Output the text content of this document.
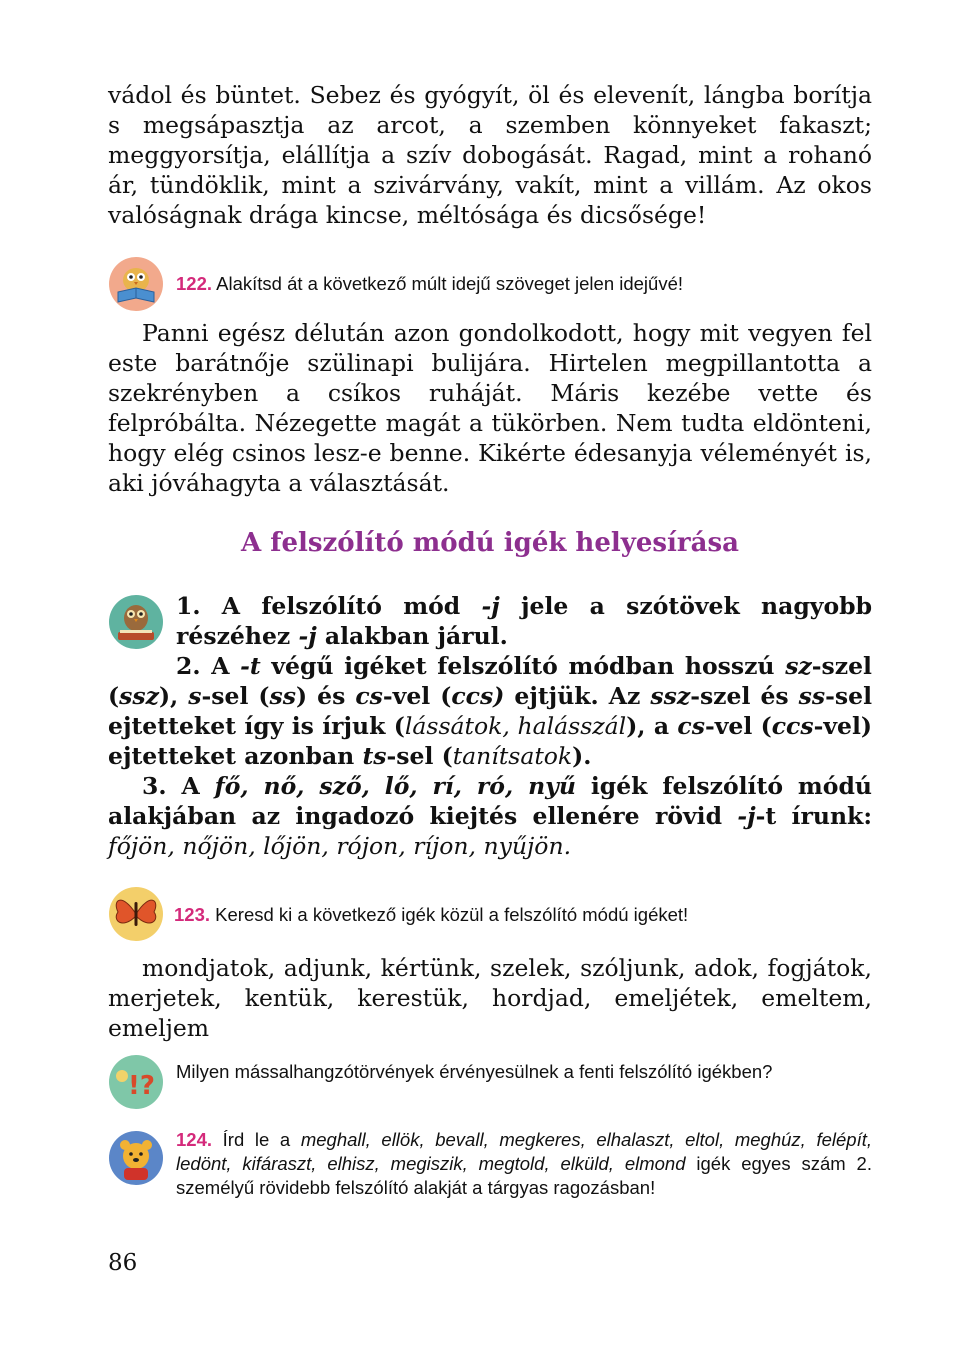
vádol és büntet. Sebez és gyógyít, öl és elevenít, lángba borítja s megsápasztja az arcot, a szemben könnyeket fakaszt; meggyorsítja, elállítja a szív dobogását. Ragad, mint a rohanó ár, tündöklik, mint a szivárvány, vakít, mint a villám. Az okos valóságnak drága kincse, méltósága és dicsősége!

122. Alakítsd át a következő múlt idejű szöveget jelen idejűvé!

Panni egész délután azon gondolkodott, hogy mit vegyen fel este barátnője szülinapi bulijára. Hirtelen megpillantotta a szekrényben a csíkos ruháját. Máris kezébe vette és felpróbálta. Nézegette magát a tükörben. Nem tudta eldönteni, hogy elég csinos lesz-e benne. Kikérte édesanyja véleményét is, aki jóváhagyta a választását.

A felszólító módú igék helyesírása

1. A felszólító mód -j jele a szótövek nagyobb részéhez -j alakban járul.

2. A -t végű igéket felszólító módban hosszú sz-szel (ssz), s-sel (ss) és cs-vel (ccs) ejtjük. Az ssz-szel és ss-sel ejtetteket így is írjuk (lássátok, halásszál), a cs-vel (ccs-vel) ejtetteket azonban ts-sel (tanítsatok).

3. A fő, nő, sző, lő, rí, ró, nyű igék felszólító módú alakjában az ingadozó kiejtés ellenére rövid -j-t írunk: főjön, nőjön, lőjön, rójon, ríjon, nyűjön.

123. Keresd ki a következő igék közül a felszólító módú igéket!

mondjatok, adjunk, kértünk, szelek, szóljunk, adok, fogjátok, merjetek, kentük, kerestük, hordjad, emeljétek, emeltem, emeljem

!? Milyen mássalhangzótörvények érvényesülnek a fenti felszólító igékben?
124. Írd le a meghall, ellök, bevall, megkeres, elhalaszt, eltol, meghúz, felépít, ledönt, kifáraszt, elhisz, megiszik, megtold, elküld, elmond igék egyes szám 2. személyű rövidebb felszólító alakját a tárgyas ragozásban!
86
